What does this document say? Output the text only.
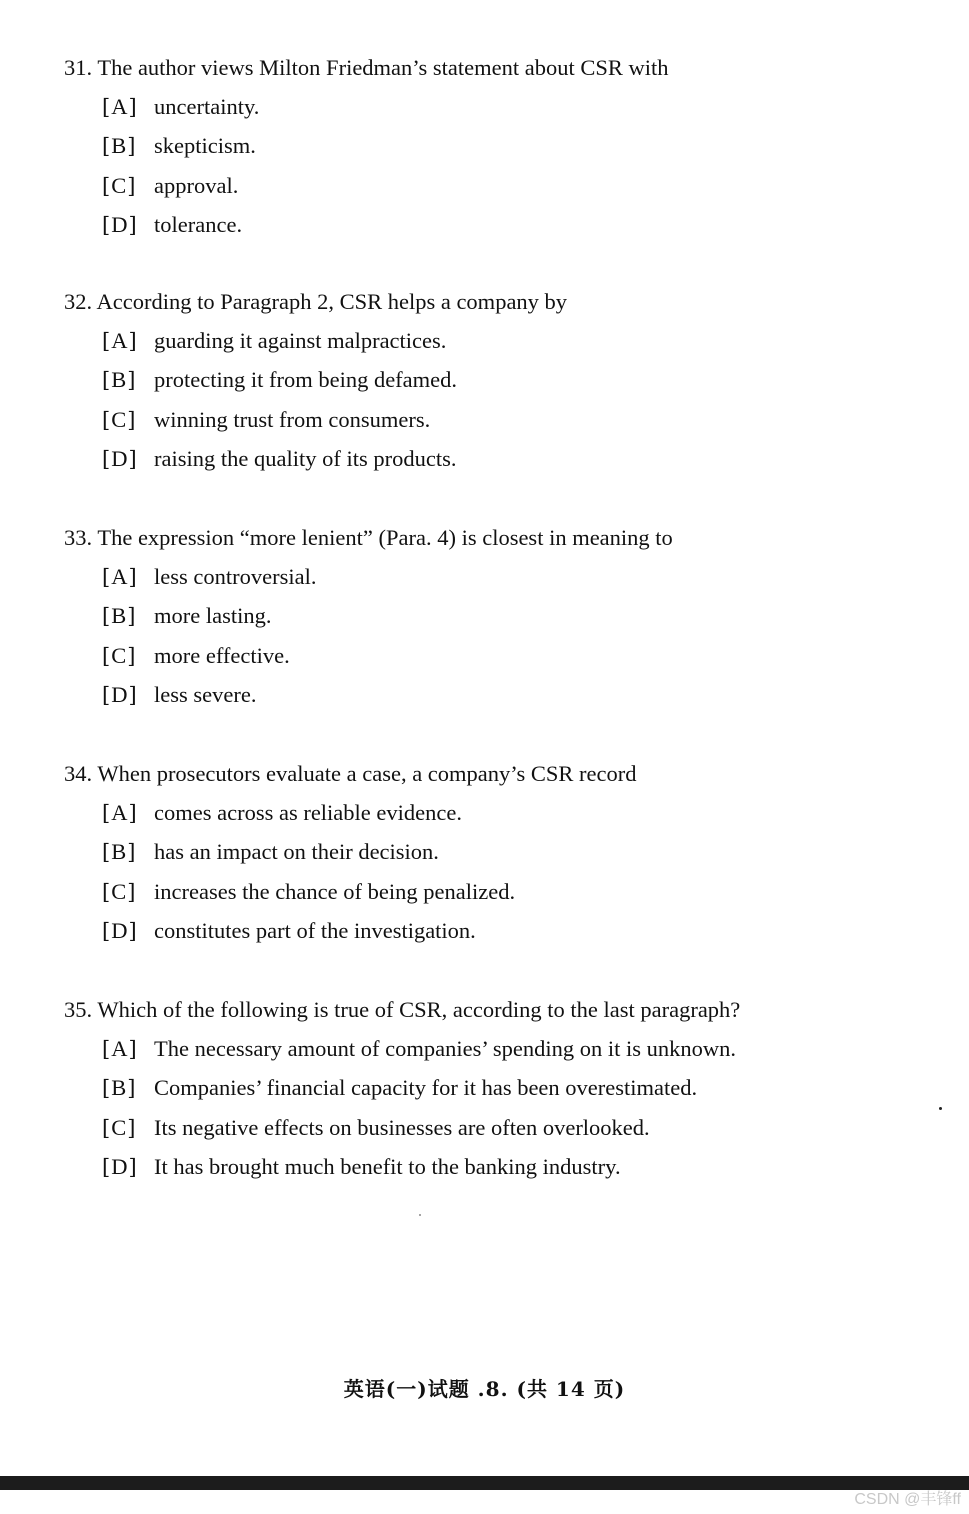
31. The author views Milton Friedman’s statement about CSR with
[A] uncertainty.
[B] skepticism.
[C] approval.
[D] tolerance.
32. According to Paragraph 2, CSR helps a company by
[A] guarding it against malpractices.
[B] protecting it from being defamed.
[C] winning trust from consumers.
[D] raising the quality of its products.
33. The expression “more lenient” (Para. 4) is closest in meaning to
[A] less controversial.
[B] more lasting.
[C] more effective.
[D] less severe.
34. When prosecutors evaluate a case, a company’s CSR record
[A] comes across as reliable evidence.
[B] has an impact on their decision.
[C] increases the chance of being penalized.
[D] constitutes part of the investigation.
35. Which of the following is true of CSR, according to the last paragraph?
[A] The necessary amount of companies’ spending on it is unknown.
[B] Companies’ financial capacity for it has been overestimated.
[C] Its negative effects on businesses are often overlooked.
[D] It has brought much benefit to the banking industry.
英语(一)试题 .8. (共 14 页)
CSDN @丰锋ff
